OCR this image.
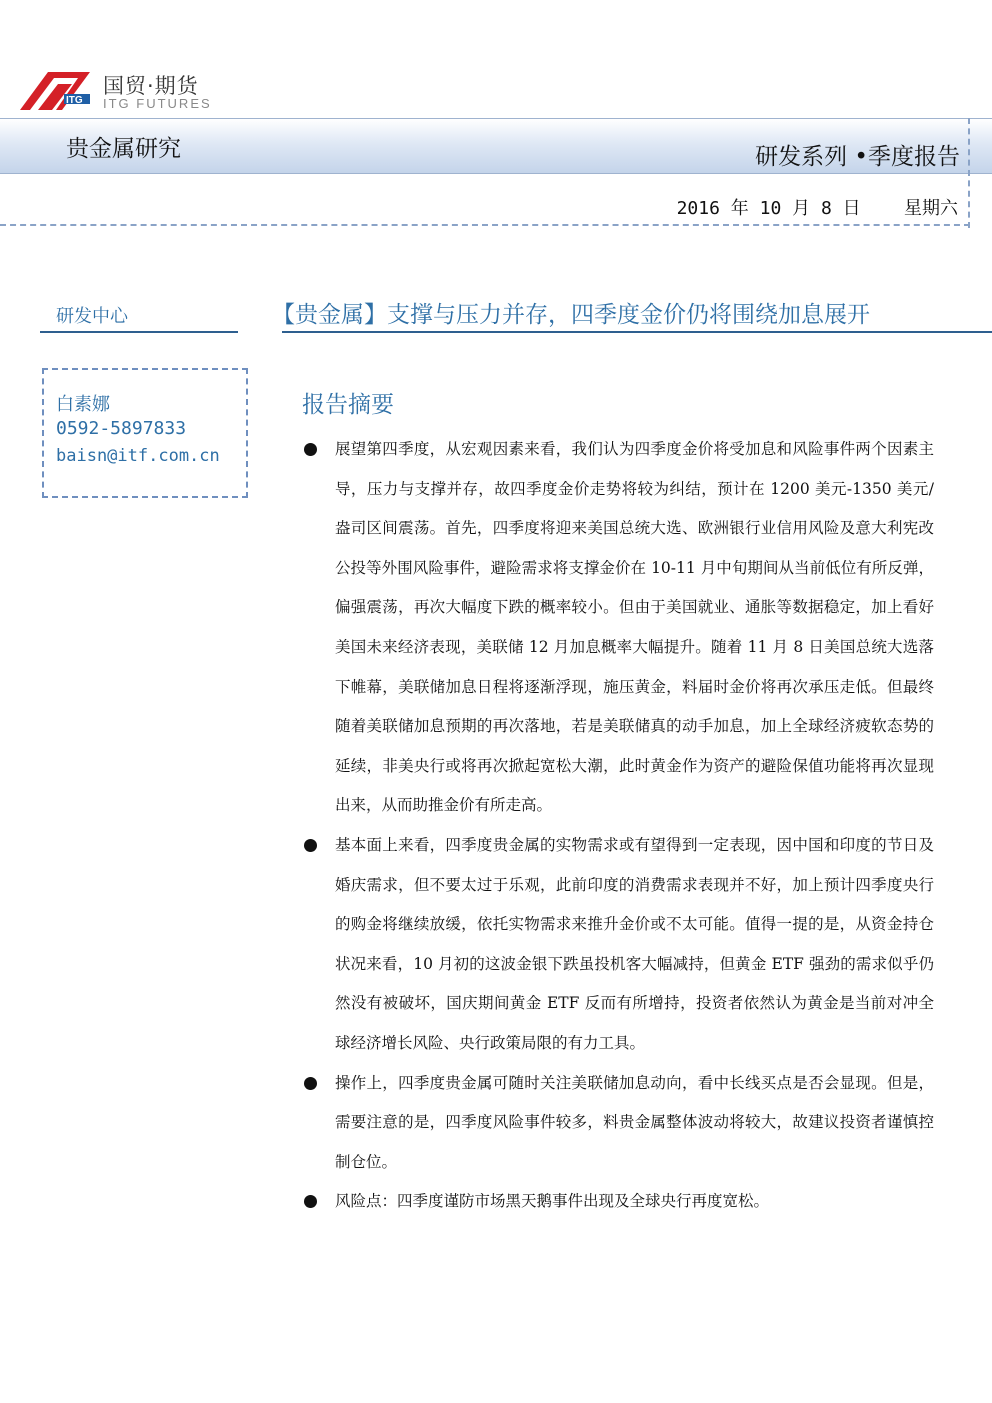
ITG
国贸·期货
ITG FUTURES
贵金属研究	研发系列 •季度报告
2016 年 10 月 8 日 星期六
研发中心
白素娜
0592-5897833
baisn@itf.com.cn
【贵金属】支撑与压力并存，四季度金价仍将围绕加息展开
报告摘要
展望第四季度，从宏观因素来看，我们认为四季度金价将受加息和风险事件两个因素主导，压力与支撑并存，故四季度金价走势将较为纠结，预计在 1200 美元-1350 美元/盎司区间震荡。首先，四季度将迎来美国总统大选、欧洲银行业信用风险及意大利宪改公投等外围风险事件，避险需求将支撑金价在 10-11 月中旬期间从当前低位有所反弹，偏强震荡，再次大幅度下跌的概率较小。但由于美国就业、通胀等数据稳定，加上看好美国未来经济表现，美联储 12 月加息概率大幅提升。随着 11 月 8 日美国总统大选落下帷幕，美联储加息日程将逐渐浮现，施压黄金，料届时金价将再次承压走低。但最终随着美联储加息预期的再次落地，若是美联储真的动手加息，加上全球经济疲软态势的延续，非美央行或将再次掀起宽松大潮，此时黄金作为资产的避险保值功能将再次显现出来，从而助推金价有所走高。
基本面上来看，四季度贵金属的实物需求或有望得到一定表现，因中国和印度的节日及婚庆需求，但不要太过于乐观，此前印度的消费需求表现并不好，加上预计四季度央行的购金将继续放缓，依托实物需求来推升金价或不太可能。值得一提的是，从资金持仓状况来看，10 月初的这波金银下跌虽投机客大幅减持，但黄金 ETF 强劲的需求似乎仍然没有被破坏，国庆期间黄金 ETF 反而有所增持，投资者依然认为黄金是当前对冲全球经济增长风险、央行政策局限的有力工具。
操作上，四季度贵金属可随时关注美联储加息动向，看中长线买点是否会显现。但是，需要注意的是，四季度风险事件较多，料贵金属整体波动将较大，故建议投资者谨慎控制仓位。
风险点：四季度谨防市场黑天鹅事件出现及全球央行再度宽松。
